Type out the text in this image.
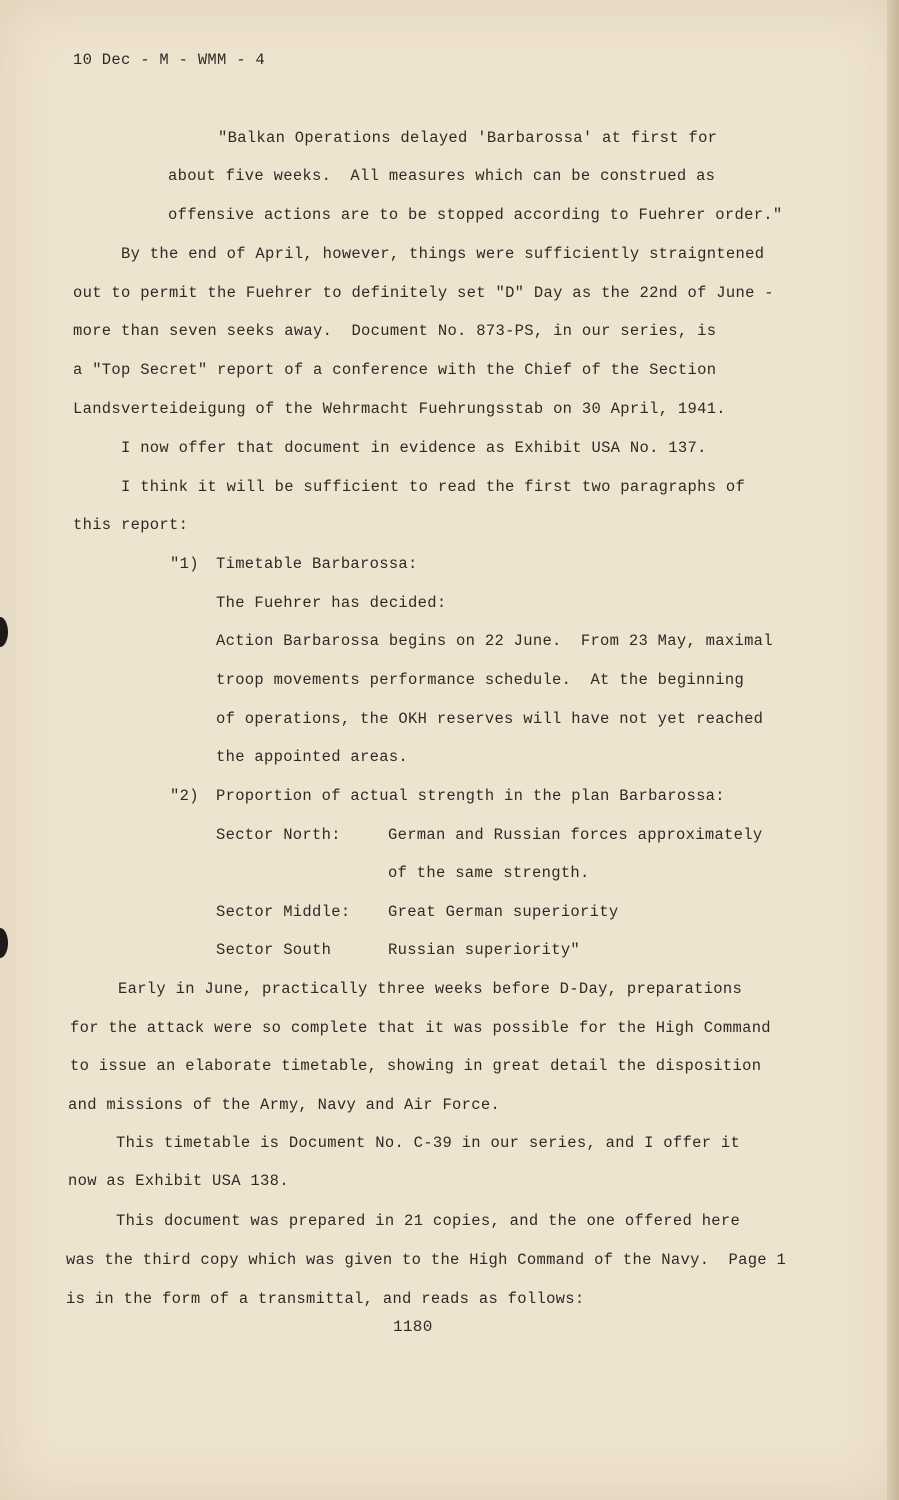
10 Dec - M - WMM - 4
"Balkan Operations delayed 'Barbarossa' at first for
about five weeks.  All measures which can be construed as
offensive actions are to be stopped according to Fuehrer order."
By the end of April, however, things were sufficiently straigntened
out to permit the Fuehrer to definitely set "D" Day as the 22nd of June -
more than seven seeks away.  Document No. 873-PS, in our series, is
a "Top Secret" report of a conference with the Chief of the Section
Landsverteideigung of the Wehrmacht Fuehrungsstab on 30 April, 1941.
I now offer that document in evidence as Exhibit USA No. 137.
I think it will be sufficient to read the first two paragraphs of
this report:
"1) Timetable Barbarossa:
The Fuehrer has decided:
Action Barbarossa begins on 22 June.  From 23 May, maximal
troop movements performance schedule.  At the beginning
of operations, the OKH reserves will have not yet reached
the appointed areas.
"2) Proportion of actual strength in the plan Barbarossa:
Sector North:	German and Russian forces approximately
of the same strength.
Sector Middle: Great German superiority
Sector South	Russian superiority"
Early in June, practically three weeks before D-Day, preparations
for the attack were so complete that it was possible for the High Command
to issue an elaborate timetable, showing in great detail the disposition
and missions of the Army, Navy and Air Force.
This timetable is Document No. C-39 in our series, and I offer it
now as Exhibit USA 138.
This document was prepared in 21 copies, and the one offered here
was the third copy which was given to the High Command of the Navy.  Page 1
is in the form of a transmittal, and reads as follows:
1180
